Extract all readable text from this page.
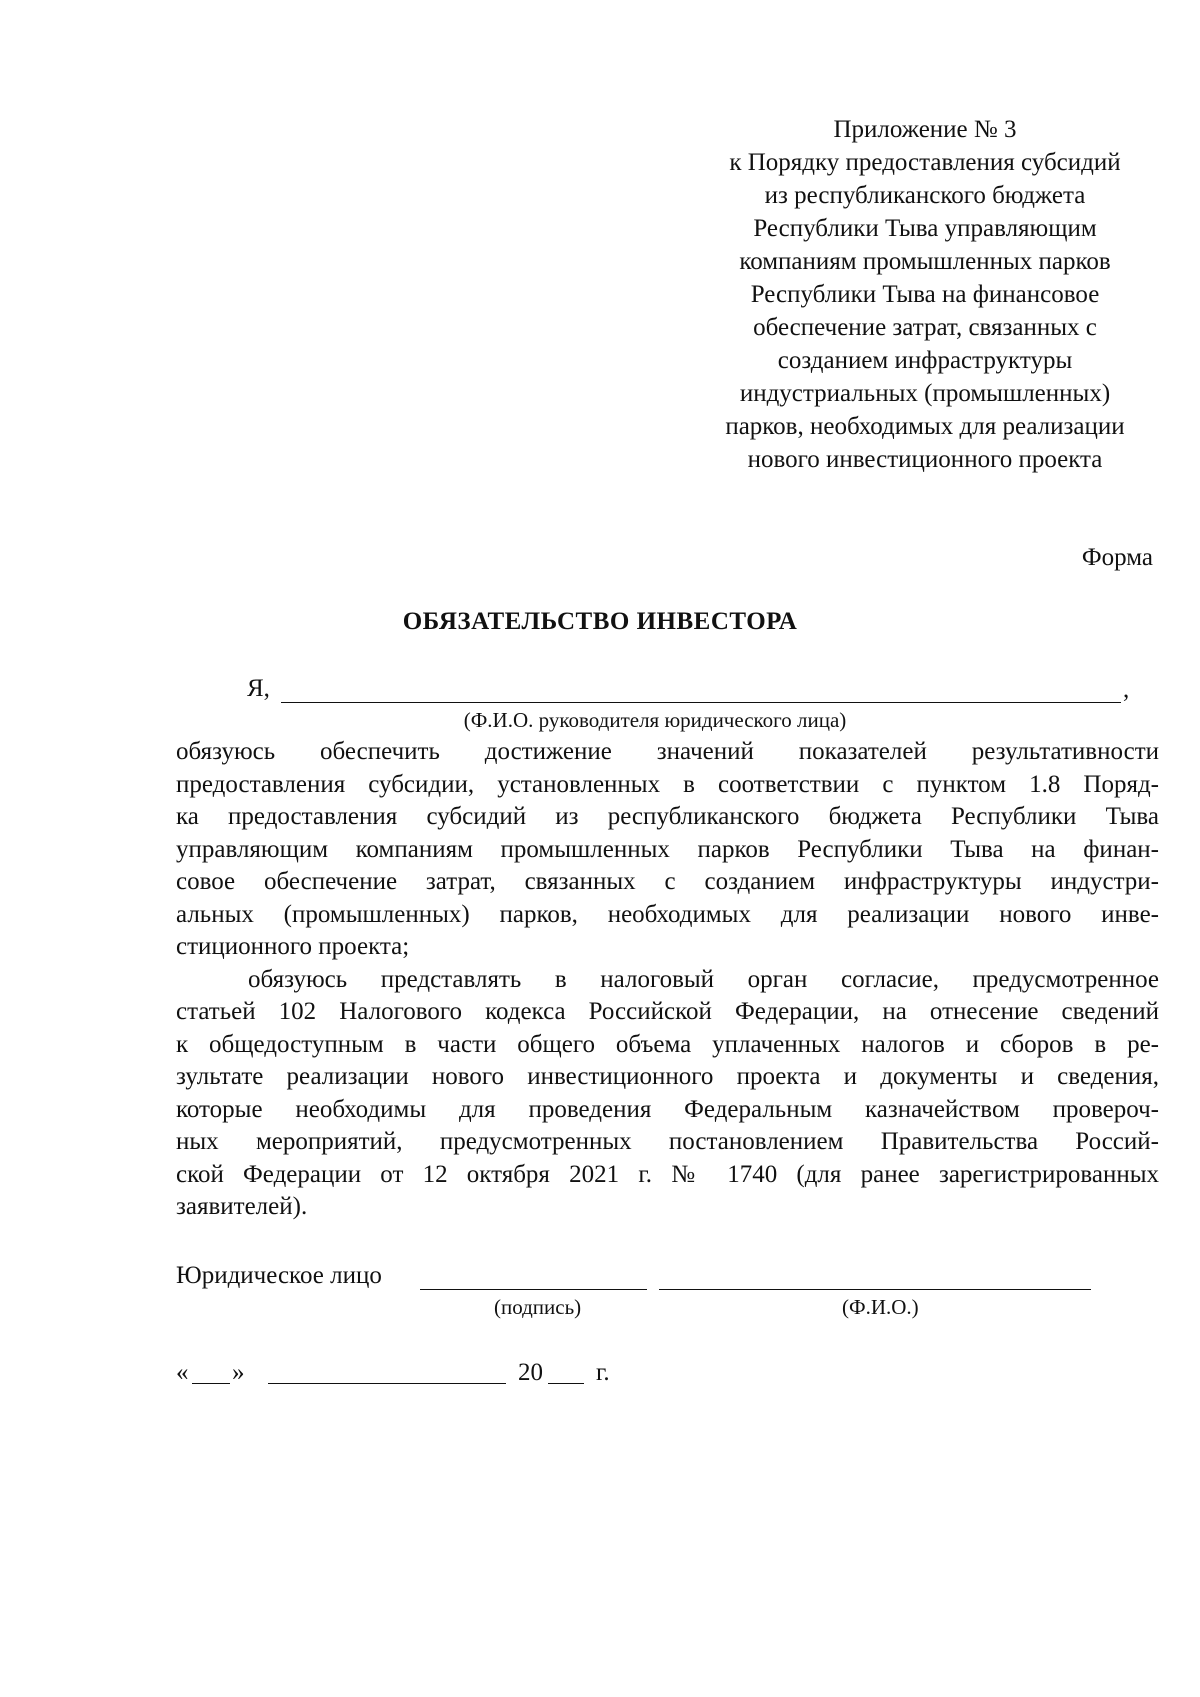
Приложение № 3
к Порядку предоставления субсидий
из республиканского бюджета
Республики Тыва управляющим
компаниям промышленных парков
Республики Тыва на финансовое
обеспечение затрат, связанных с
созданием инфраструктуры
индустриальных (промышленных)
парков, необходимых для реализации
нового инвестиционного проекта
Форма
ОБЯЗАТЕЛЬСТВО ИНВЕСТОРА
Я,	,
(Ф.И.О. руководителя юридического лица)

обязуюсь обеспечить достижение значений показателей результативности
предоставления субсидии, установленных в соответствии с пунктом 1.8 Поряд-
ка предоставления субсидий из республиканского бюджета Республики Тыва
управляющим компаниям промышленных парков Республики Тыва на финан-
совое обеспечение затрат, связанных с созданием инфраструктуры индустри-
альных (промышленных) парков, необходимых для реализации нового инве-
стиционного проекта;

обязуюсь представлять в налоговый орган согласие, предусмотренное
статьей 102 Налогового кодекса Российской Федерации, на отнесение сведений
к общедоступным в части общего объема уплаченных налогов и сборов в ре-
зультате реализации нового инвестиционного проекта и документы и сведения,
которые необходимы для проведения Федеральным казначейством провероч-
ных мероприятий, предусмотренных постановлением Правительства Россий-
ской Федерации от 12 октября 2021 г. № 1740 (для ранее зарегистрированных
заявителей).

Юридическое лицо
(подпись)	(Ф.И.О.)
« »	20 г.
